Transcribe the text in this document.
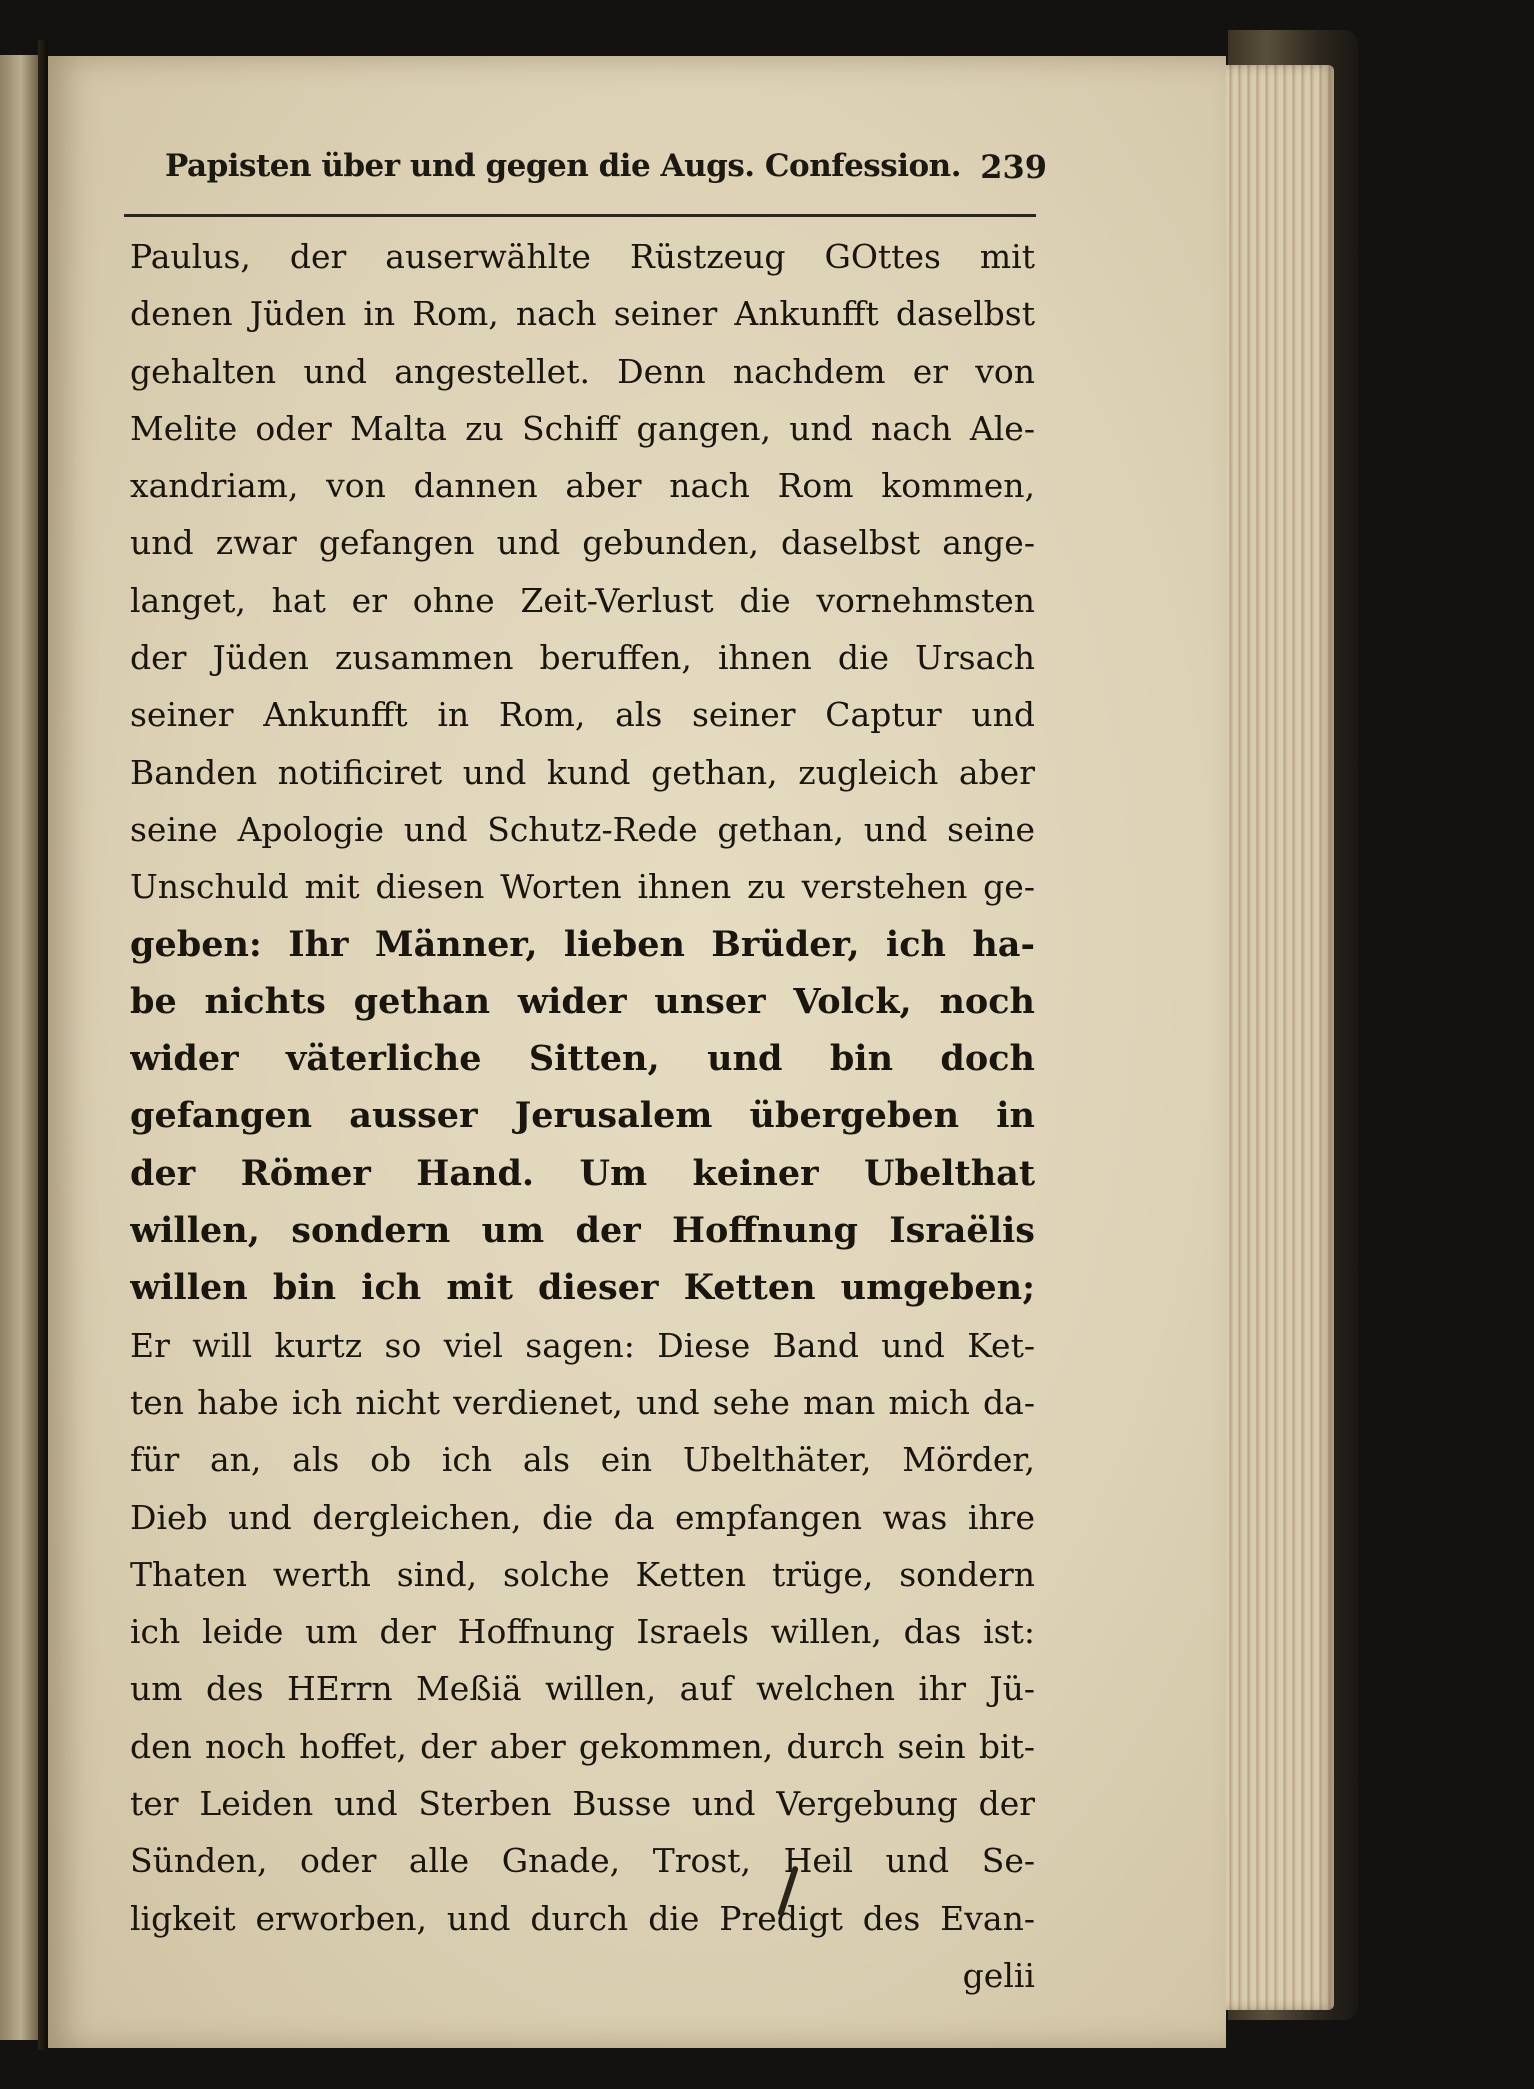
Papisten über und gegen die Augs. Confession. 239
Paulus, der auserwählte Rüstzeug GOttes mit
denen Jüden in Rom, nach seiner Ankunfft daselbst
gehalten und angestellet. Denn nachdem er von
Melite oder Malta zu Schiff gangen, und nach Ale-
xandriam, von dannen aber nach Rom kommen,
und zwar gefangen und gebunden, daselbst ange-
langet, hat er ohne Zeit-Verlust die vornehmsten
der Jüden zusammen beruffen, ihnen die Ursach
seiner Ankunfft in Rom, als seiner Captur und
Banden notificiret und kund gethan, zugleich aber
seine Apologie und Schutz-Rede gethan, und seine
Unschuld mit diesen Worten ihnen zu verstehen ge-
geben: Ihr Männer, lieben Brüder, ich ha-
be nichts gethan wider unser Volck, noch
wider väterliche Sitten, und bin doch
gefangen ausser Jerusalem übergeben in
der Römer Hand. Um keiner Ubelthat
willen, sondern um der Hoffnung Israëlis
willen bin ich mit dieser Ketten umgeben;
Er will kurtz so viel sagen: Diese Band und Ket-
ten habe ich nicht verdienet, und sehe man mich da-
für an, als ob ich als ein Ubelthäter, Mörder,
Dieb und dergleichen, die da empfangen was ihre
Thaten werth sind, solche Ketten trüge, sondern
ich leide um der Hoffnung Israels willen, das ist:
um des HErrn Meßiä willen, auf welchen ihr Jü-
den noch hoffet, der aber gekommen, durch sein bit-
ter Leiden und Sterben Busse und Vergebung der
Sünden, oder alle Gnade, Trost, Heil und Se-
ligkeit erworben, und durch die Predigt des Evan-
gelii
